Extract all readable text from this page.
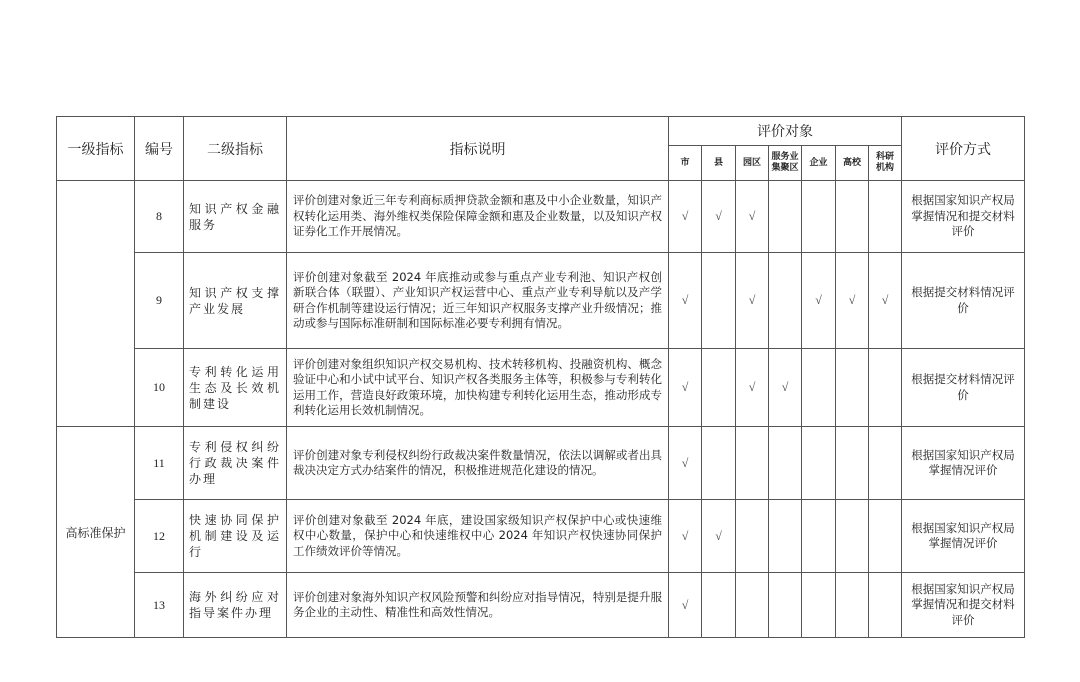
一级指标	编号	二级指标	指标说明	评价对象							评价方式
				市	县	园区	服务业集聚区	企业	高校	科研机构	
	8	知识产权金融服务	评价创建对象近三年专利商标质押贷款金额和惠及中小企业数量，知识产权转化运用类、海外维权类保险保障金额和惠及企业数量，以及知识产权证券化工作开展情况。	√	√	√					根据国家知识产权局掌握情况和提交材料评价
	9	知识产权支撑产业发展	评价创建对象截至 2024 年底推动或参与重点产业专利池、知识产权创新联合体（联盟）、产业知识产权运营中心、重点产业专利导航以及产学研合作机制等建设运行情况；近三年知识产权服务支撑产业升级情况；推动或参与国际标准研制和国际标准必要专利拥有情况。	√		√		√	√	√	根据提交材料情况评价
	10	专利转化运用生态及长效机制建设	评价创建对象组织知识产权交易机构、技术转移机构、投融资机构、概念验证中心和小试中试平台、知识产权各类服务主体等，积极参与专利转化运用工作，营造良好政策环境，加快构建专利转化运用生态，推动形成专利转化运用长效机制情况。	√		√	√				根据提交材料情况评价
高标准保护	11	专利侵权纠纷行政裁决案件办理	评价创建对象专利侵权纠纷行政裁决案件数量情况，依法以调解或者出具裁决决定方式办结案件的情况，积极推进规范化建设的情况。	√							根据国家知识产权局掌握情况评价
	12	快速协同保护机制建设及运行	评价创建对象截至 2024 年底，建设国家级知识产权保护中心或快速维权中心数量，保护中心和快速维权中心 2024 年知识产权快速协同保护工作绩效评价等情况。	√	√						根据国家知识产权局掌握情况评价
	13	海外纠纷应对指导案件办理	评价创建对象海外知识产权风险预警和纠纷应对指导情况，特别是提升服务企业的主动性、精准性和高效性情况。	√							根据国家知识产权局掌握情况和提交材料评价
